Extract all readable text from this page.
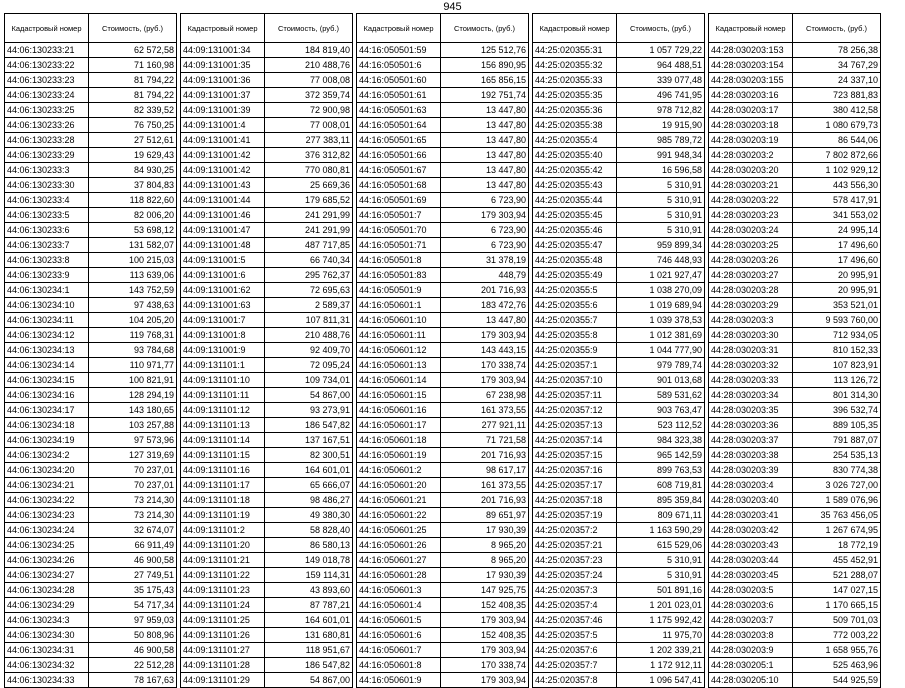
945
Кадастровый номер	Стоимость, (руб.)
44:06:130233:21	62 572,58
44:06:130233:22	71 160,98
44:06:130233:23	81 794,22
44:06:130233:24	81 794,22
44:06:130233:25	82 339,52
44:06:130233:26	76 750,25
44:06:130233:28	27 512,61
44:06:130233:29	19 629,43
44:06:130233:3	84 930,25
44:06:130233:30	37 804,83
44:06:130233:4	118 822,60
44:06:130233:5	82 006,20
44:06:130233:6	53 698,12
44:06:130233:7	131 582,07
44:06:130233:8	100 215,03
44:06:130233:9	113 639,06
44:06:130234:1	143 752,59
44:06:130234:10	97 438,63
44:06:130234:11	104 205,20
44:06:130234:12	119 768,31
44:06:130234:13	93 784,68
44:06:130234:14	110 971,77
44:06:130234:15	100 821,91
44:06:130234:16	128 294,19
44:06:130234:17	143 180,65
44:06:130234:18	103 257,88
44:06:130234:19	97 573,96
44:06:130234:2	127 319,69
44:06:130234:20	70 237,01
44:06:130234:21	70 237,01
44:06:130234:22	73 214,30
44:06:130234:23	73 214,30
44:06:130234:24	32 674,07
44:06:130234:25	66 911,49
44:06:130234:26	46 900,58
44:06:130234:27	27 749,51
44:06:130234:28	35 175,43
44:06:130234:29	54 717,34
44:06:130234:3	97 959,03
44:06:130234:30	50 808,96
44:06:130234:31	46 900,58
44:06:130234:32	22 512,28
44:06:130234:33	78 167,63
Кадастровый номер	Стоимость, (руб.)
44:09:131001:34	184 819,40
44:09:131001:35	210 488,76
44:09:131001:36	77 008,08
44:09:131001:37	372 359,74
44:09:131001:39	72 900,98
44:09:131001:4	77 008,01
44:09:131001:41	277 383,11
44:09:131001:42	376 312,82
44:09:131001:42	770 080,81
44:09:131001:43	25 669,36
44:09:131001:44	179 685,52
44:09:131001:46	241 291,99
44:09:131001:47	241 291,99
44:09:131001:48	487 717,85
44:09:131001:5	66 740,34
44:09:131001:6	295 762,37
44:09:131001:62	72 695,63
44:09:131001:63	2 589,37
44:09:131001:7	107 811,31
44:09:131001:8	210 488,76
44:09:131001:9	92 409,70
44:09:131101:1	72 095,24
44:09:131101:10	109 734,01
44:09:131101:11	54 867,00
44:09:131101:12	93 273,91
44:09:131101:13	186 547,82
44:09:131101:14	137 167,51
44:09:131101:15	82 300,51
44:09:131101:16	164 601,01
44:09:131101:17	65 666,07
44:09:131101:18	98 486,27
44:09:131101:19	49 380,30
44:09:131101:2	58 828,40
44:09:131101:20	86 580,13
44:09:131101:21	149 018,78
44:09:131101:22	159 114,31
44:09:131101:23	43 893,60
44:09:131101:24	87 787,21
44:09:131101:25	164 601,01
44:09:131101:26	131 680,81
44:09:131101:27	118 951,67
44:09:131101:28	186 547,82
44:09:131101:29	54 867,00
Кадастровый номер	Стоимость, (руб.)
44:16:050501:59	125 512,76
44:16:050501:6	156 890,95
44:16:050501:60	165 856,15
44:16:050501:61	192 751,74
44:16:050501:63	13 447,80
44:16:050501:64	13 447,80
44:16:050501:65	13 447,80
44:16:050501:66	13 447,80
44:16:050501:67	13 447,80
44:16:050501:68	13 447,80
44:16:050501:69	6 723,90
44:16:050501:7	179 303,94
44:16:050501:70	6 723,90
44:16:050501:71	6 723,90
44:16:050501:8	31 378,19
44:16:050501:83	448,79
44:16:050501:9	201 716,93
44:16:050601:1	183 472,76
44:16:050601:10	13 447,80
44:16:050601:11	179 303,94
44:16:050601:12	143 443,15
44:16:050601:13	170 338,74
44:16:050601:14	179 303,94
44:16:050601:15	67 238,98
44:16:050601:16	161 373,55
44:16:050601:17	277 921,11
44:16:050601:18	71 721,58
44:16:050601:19	201 716,93
44:16:050601:2	98 617,17
44:16:050601:20	161 373,55
44:16:050601:21	201 716,93
44:16:050601:22	89 651,97
44:16:050601:25	17 930,39
44:16:050601:26	8 965,20
44:16:050601:27	8 965,20
44:16:050601:28	17 930,39
44:16:050601:3	147 925,75
44:16:050601:4	152 408,35
44:16:050601:5	179 303,94
44:16:050601:6	152 408,35
44:16:050601:7	179 303,94
44:16:050601:8	170 338,74
44:16:050601:9	179 303,94
Кадастровый номер	Стоимость, (руб.)
44:25:020355:31	1 057 729,22
44:25:020355:32	964 488,51
44:25:020355:33	339 077,48
44:25:020355:35	496 741,95
44:25:020355:36	978 712,82
44:25:020355:38	19 915,90
44:25:020355:4	985 789,72
44:25:020355:40	991 948,34
44:25:020355:42	16 596,58
44:25:020355:43	5 310,91
44:25:020355:44	5 310,91
44:25:020355:45	5 310,91
44:25:020355:46	5 310,91
44:25:020355:47	959 899,34
44:25:020355:48	746 448,93
44:25:020355:49	1 021 927,47
44:25:020355:5	1 038 270,09
44:25:020355:6	1 019 689,94
44:25:020355:7	1 039 378,53
44:25:020355:8	1 012 381,69
44:25:020355:9	1 044 777,90
44:25:020357:1	979 789,74
44:25:020357:10	901 013,68
44:25:020357:11	589 531,62
44:25:020357:12	903 763,47
44:25:020357:13	523 112,52
44:25:020357:14	984 323,38
44:25:020357:15	965 142,59
44:25:020357:16	899 763,53
44:25:020357:17	608 719,81
44:25:020357:18	895 359,84
44:25:020357:19	809 671,11
44:25:020357:2	1 163 590,29
44:25:020357:21	615 529,06
44:25:020357:23	5 310,91
44:25:020357:24	5 310,91
44:25:020357:3	501 891,16
44:25:020357:4	1 201 023,01
44:25:020357:46	1 175 992,42
44:25:020357:5	11 975,70
44:25:020357:6	1 202 339,21
44:25:020357:7	1 172 912,11
44:25:020357:8	1 096 547,41
Кадастровый номер	Стоимость, (руб.)
44:28:030203:153	78 256,38
44:28:030203:154	34 767,29
44:28:030203:155	24 337,10
44:28:030203:16	723 881,83
44:28:030203:17	380 412,58
44:28:030203:18	1 080 679,73
44:28:030203:19	86 544,06
44:28:030203:2	7 802 872,66
44:28:030203:20	1 102 929,12
44:28:030203:21	443 556,30
44:28:030203:22	578 417,91
44:28:030203:23	341 553,02
44:28:030203:24	24 995,14
44:28:030203:25	17 496,60
44:28:030203:26	17 496,60
44:28:030203:27	20 995,91
44:28:030203:28	20 995,91
44:28:030203:29	353 521,01
44:28:030203:3	9 593 760,00
44:28:030203:30	712 934,05
44:28:030203:31	810 152,33
44:28:030203:32	107 823,91
44:28:030203:33	113 126,72
44:28:030203:34	801 314,30
44:28:030203:35	396 532,74
44:28:030203:36	889 105,35
44:28:030203:37	791 887,07
44:28:030203:38	254 535,13
44:28:030203:39	830 774,38
44:28:030203:4	3 026 727,00
44:28:030203:40	1 589 076,96
44:28:030203:41	35 763 456,05
44:28:030203:42	1 267 674,95
44:28:030203:43	18 772,19
44:28:030203:44	455 452,91
44:28:030203:45	521 288,07
44:28:030203:5	147 027,15
44:28:030203:6	1 170 665,15
44:28:030203:7	509 701,03
44:28:030203:8	772 003,22
44:28:030203:9	1 658 955,76
44:28:030205:1	525 463,96
44:28:030205:10	544 925,59
